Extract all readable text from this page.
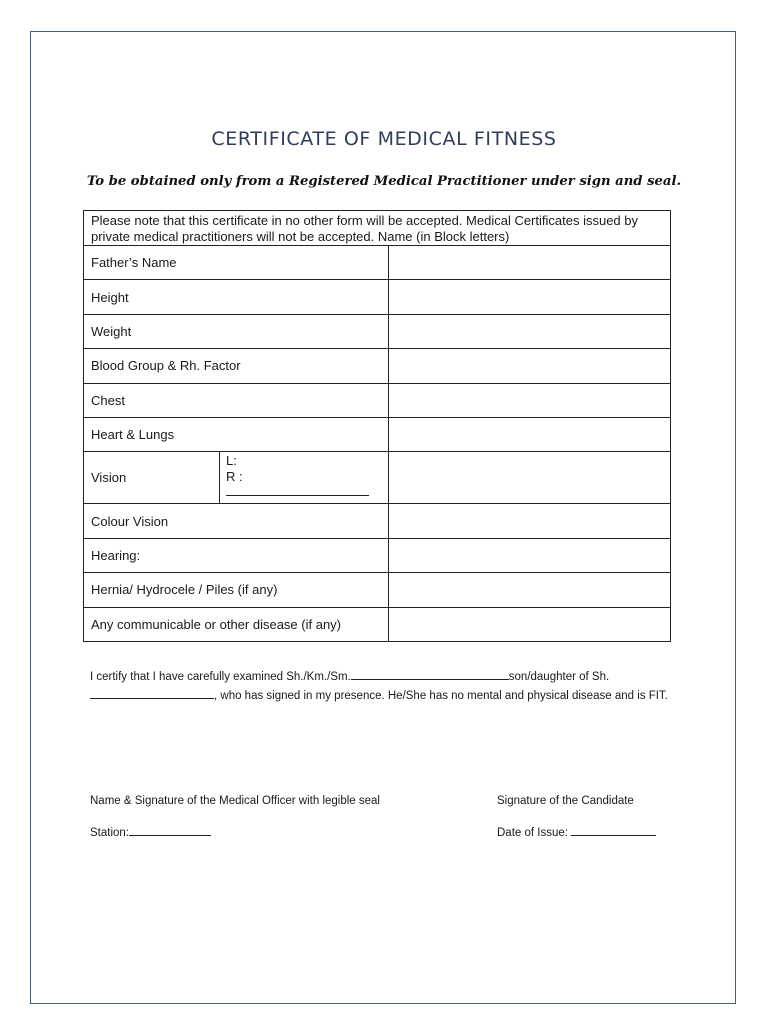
CERTIFICATE OF MEDICAL FITNESS
To be obtained only from a Registered Medical Practitioner under sign and seal.
Please note that this certificate in no other form will be accepted. Medical Certificates issued by private medical practitioners will not be accepted. Name (in Block letters)		
Father’s Name		
Height		
Weight		
Blood Group & Rh. Factor		
Chest		
Heart & Lungs		
Vision	L:
R :	

Colour Vision		
Hearing:		
Hernia/ Hydrocele / Piles (if any)		
Any communicable or other disease (if any)		
I certify that I have carefully examined Sh./Km./Sm.	son/daughter of Sh. , who has signed in my presence. He/She has no mental and physical disease and is FIT.
Name & Signature of the Medical Officer with legible seal	Signature of the Candidate
Station:	Date of Issue:
